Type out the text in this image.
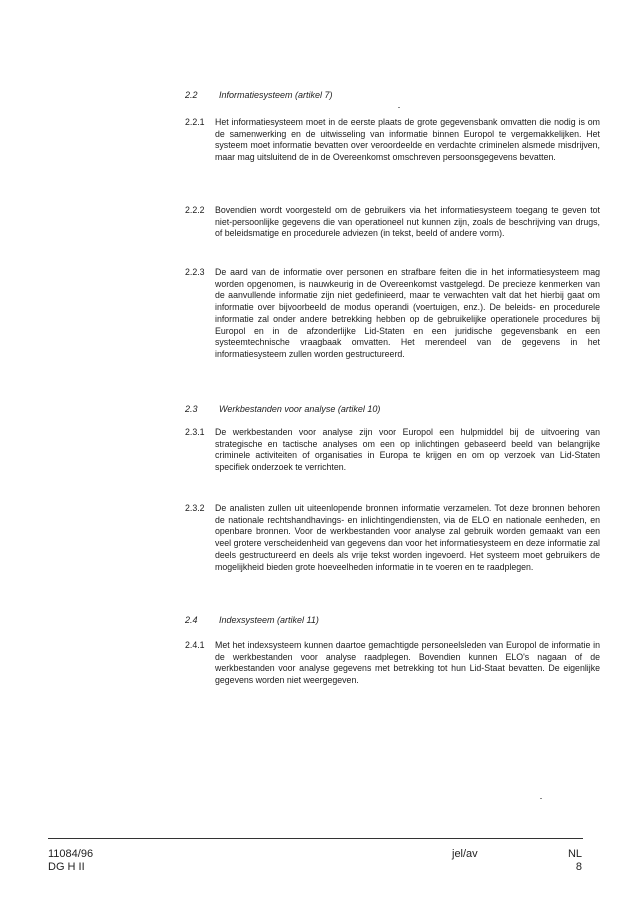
2.2 Informatiesysteem (artikel 7)
2.2.1	Het informatiesysteem moet in de eerste plaats de grote gegevensbank omvatten die nodig is om de samenwerking en de uitwisseling van informatie binnen Europol te vergemakkelijken. Het systeem moet informatie bevatten over veroordeelde en verdachte criminelen alsmede misdrijven, maar mag uitsluitend de in de Overeenkomst omschreven persoonsgegevens bevatten.
2.2.2	Bovendien wordt voorgesteld om de gebruikers via het informatiesysteem toegang te geven tot niet-persoonlijke gegevens die van operationeel nut kunnen zijn, zoals de beschrijving van drugs, of beleidsmatige en procedurele adviezen (in tekst, beeld of andere vorm).
2.2.3	De aard van de informatie over personen en strafbare feiten die in het informatiesysteem mag worden opgenomen, is nauwkeurig in de Overeenkomst vastgelegd. De precieze kenmerken van de aanvullende informatie zijn niet gedefinieerd, maar te verwachten valt dat het hierbij gaat om informatie over bijvoorbeeld de modus operandi (voertuigen, enz.). De beleids- en procedurele informatie zal onder andere betrekking hebben op de gebruikelijke operationele procedures bij Europol en in de afzonderlijke Lid-Staten en een juridische gegevensbank en een systeemtechnische vraagbaak omvatten. Het merendeel van de gegevens in het informatiesysteem zullen worden gestructureerd.
2.3 Werkbestanden voor analyse (artikel 10)
2.3.1	De werkbestanden voor analyse zijn voor Europol een hulpmiddel bij de uitvoering van strategische en tactische analyses om een op inlichtingen gebaseerd beeld van belangrijke criminele activiteiten of organisaties in Europa te krijgen en om op verzoek van Lid-Staten specifiek onderzoek te verrichten.
2.3.2	De analisten zullen uit uiteenlopende bronnen informatie verzamelen. Tot deze bronnen behoren de nationale rechtshandhavings- en inlichtingendiensten, via de ELO en nationale eenheden, en openbare bronnen. Voor de werkbestanden voor analyse zal gebruik worden gemaakt van een veel grotere verscheidenheid van gegevens dan voor het informatiesysteem en deze informatie zal deels gestructureerd en deels als vrije tekst worden ingevoerd. Het systeem moet gebruikers de mogelijkheid bieden grote hoeveelheden informatie in te voeren en te raadplegen.
2.4 Indexsysteem (artikel 11)
2.4.1	Met het indexsysteem kunnen daartoe gemachtigde personeelsleden van Europol de informatie in de werkbestanden voor analyse raadplegen. Bovendien kunnen ELO's nagaan of de werkbestanden voor analyse gegevens met betrekking tot hun Lid-Staat bevatten. De eigenlijke gegevens worden niet weergegeven.
11084/96
DG H II
jel/av	NL
8
